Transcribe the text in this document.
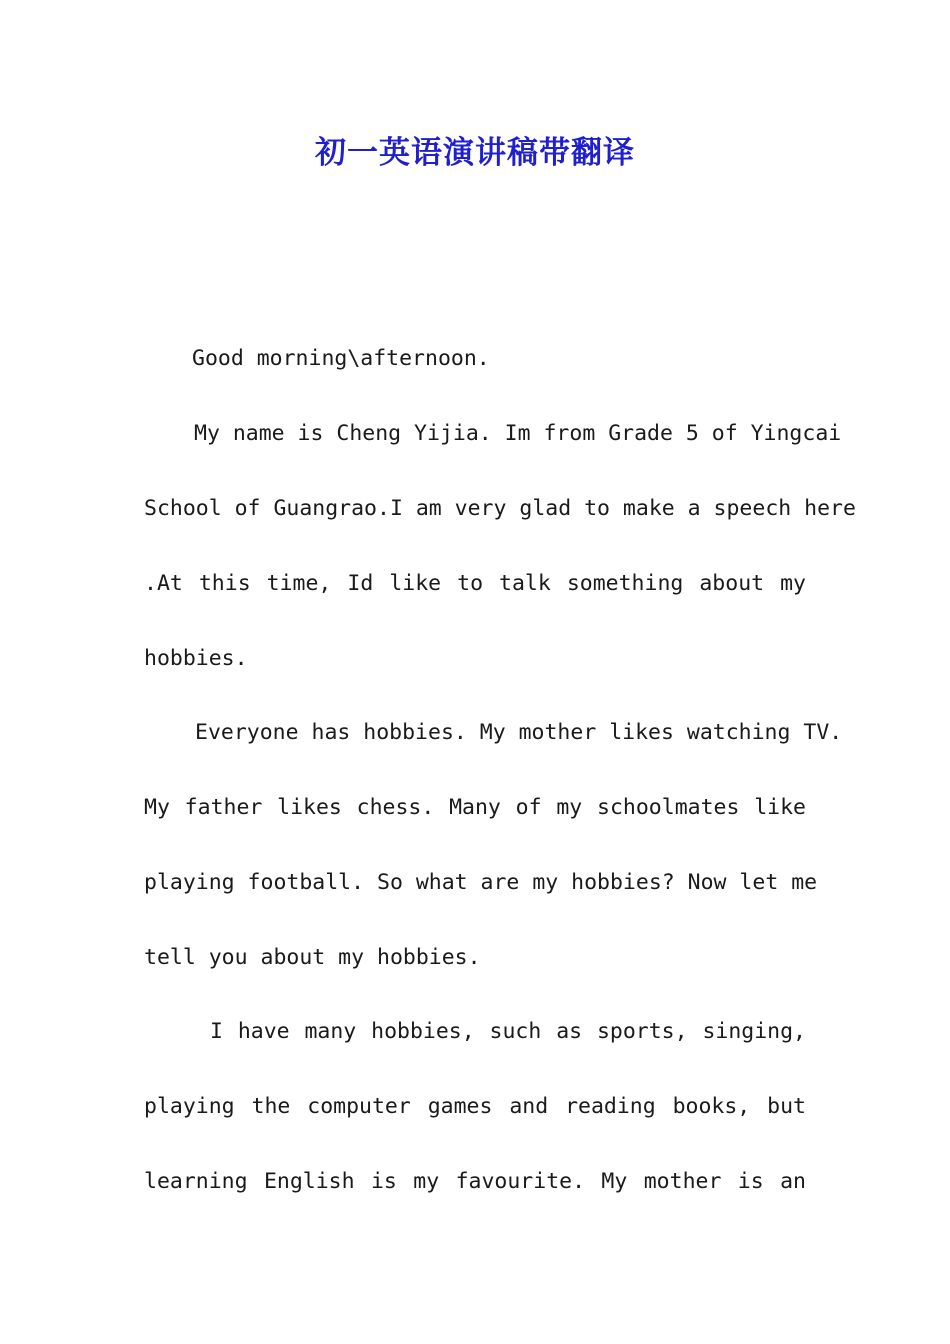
初一英语演讲稿带翻译
Good morning\afternoon.
My name is Cheng Yijia. Im from Grade 5 of Yingcai
School of Guangrao.I am very glad to make a speech here
.At this time, Id like to talk something about my
hobbies.
Everyone has hobbies. My mother likes watching TV.
My father likes chess. Many of my schoolmates like
playing football. So what are my hobbies? Now let me
tell you about my hobbies.
I have many hobbies, such as sports, singing,
playing the computer games and reading books, but
learning English is my favourite. My mother is an
